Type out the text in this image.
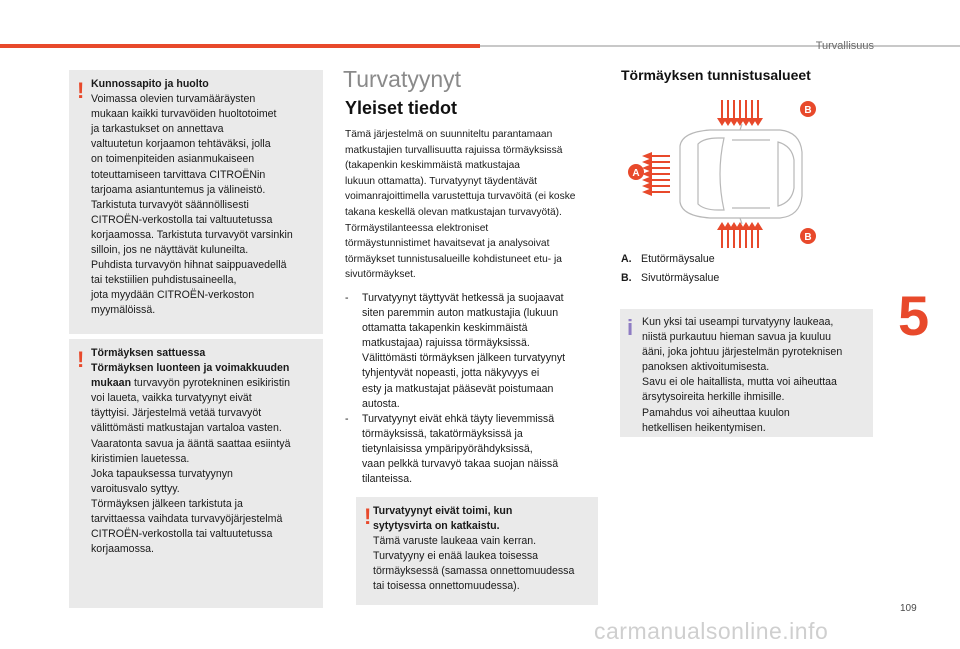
Turvallisuus
5
! Kunnossapito ja huolto
Voimassa olevien turvamääräysten
mukaan kaikki turvavöiden huoltotoimet
ja tarkastukset on annettava
valtuutetun korjaamon tehtäväksi, jolla
on toimenpiteiden asianmukaiseen
toteuttamiseen tarvittava CITROËNin
tarjoama asiantuntemus ja välineistö.
Tarkistuta turvavyöt säännöllisesti
CITROËN-verkostolla tai valtuutetussa
korjaamossa. Tarkistuta turvavyöt varsinkin
silloin, jos ne näyttävät kuluneilta.
Puhdista turvavyön hihnat saippuavedellä
tai tekstiilien puhdistusaineella,
jota myydään CITROËN-verkoston
myymälöissä.
! Törmäyksen sattuessa
Törmäyksen luonteen ja voimakkuuden
mukaan turvavyön pyrotekninen esikiristin
voi laueta, vaikka turvatyynyt eivät
täyttyisi. Järjestelmä vetää turvavyöt
välittömästi matkustajan vartaloa vasten.
Vaaratonta savua ja ääntä saattaa esiintyä
kiristimien lauetessa.
Joka tapauksessa turvatyynyn
varoitusvalo syttyy.
Törmäyksen jälkeen tarkistuta ja
tarvittaessa vaihdata turvavyöjärjestelmä
CITROËN-verkostolla tai valtuutetussa
korjaamossa.
Turvatyynyt
Yleiset tiedot
Tämä järjestelmä on suunniteltu parantamaan
matkustajien turvallisuutta rajuissa törmäyksissä
(takapenkin keskimmäistä matkustajaa
lukuun ottamatta). Turvatyynyt täydentävät
voimanrajoittimella varustettuja turvavöitä (ei koske
takana keskellä olevan matkustajan turvavyötä).
Törmäystilanteessa elektroniset
törmäystunnistimet havaitsevat ja analysoivat
törmäykset tunnistusalueille kohdistuneet etu- ja
sivutörmäykset.
- Turvatyynyt täyttyvät hetkessä ja suojaavat
siten paremmin auton matkustajia (lukuun
ottamatta takapenkin keskimmäistä
matkustajaa) rajuissa törmäyksissä.
Välittömästi törmäyksen jälkeen turvatyynyt
tyhjentyvät nopeasti, jotta näkyvyys ei
esty ja matkustajat pääsevät poistumaan
autosta.
- Turvatyynyt eivät ehkä täyty lievemmissä
törmäyksissä, takatörmäyksissä ja
tietynlaisissa ympäripyörähdyksissä,
vaan pelkkä turvavyö takaa suojan näissä
tilanteissa.
! Turvatyynyt eivät toimi, kun
sytytysvirta on katkaistu.
Tämä varuste laukeaa vain kerran.
Turvatyyny ei enää laukea toisessa
törmäyksessä (samassa onnettomuudessa
tai toisessa onnettomuudessa).
Törmäyksen tunnistusalueet
A
B
B
A. Etutörmäysalue
B. Sivutörmäysalue
i Kun yksi tai useampi turvatyyny laukeaa,
niistä purkautuu hieman savua ja kuuluu
ääni, joka johtuu järjestelmän pyroteknisen
panoksen aktivoitumisesta.
Savu ei ole haitallista, mutta voi aiheuttaa
ärsytysoireita herkille ihmisille.
Pamahdus voi aiheuttaa kuulon
hetkellisen heikentymisen.
109
carmanualsonline.info
